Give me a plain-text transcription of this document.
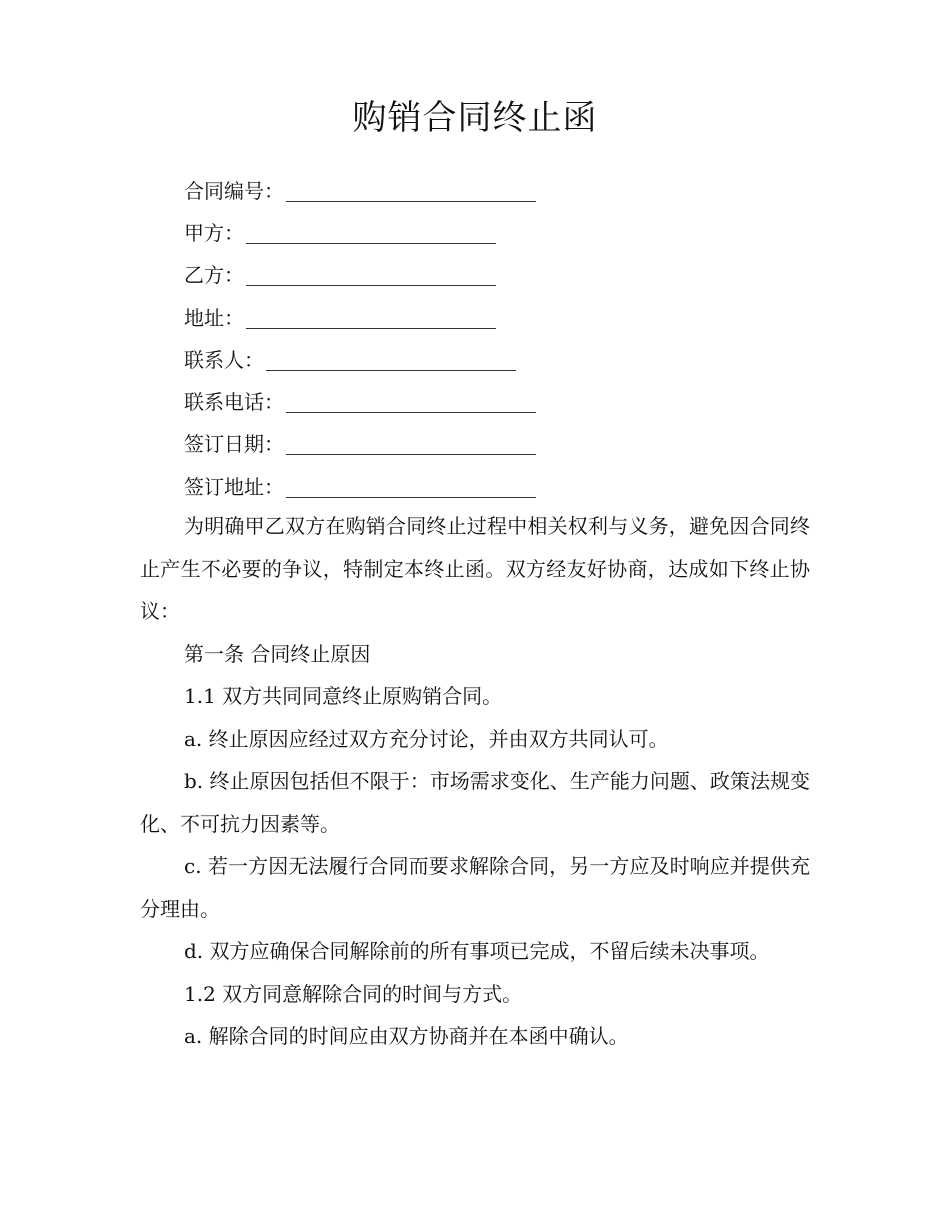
购销合同终止函
合同编号：
甲方：
乙方：
地址：
联系人：
联系电话：
签订日期：
签订地址：

为明确甲乙双方在购销合同终止过程中相关权利与义务，避免因合同终止产生不必要的争议，特制定本终止函。双方经友好协商，达成如下终止协议：

第一条 合同终止原因

1.1 双方共同同意终止原购销合同。

a. 终止原因应经过双方充分讨论，并由双方共同认可。

b. 终止原因包括但不限于：市场需求变化、生产能力问题、政策法规变化、不可抗力因素等。

c. 若一方因无法履行合同而要求解除合同，另一方应及时响应并提供充分理由。

d. 双方应确保合同解除前的所有事项已完成，不留后续未决事项。

1.2 双方同意解除合同的时间与方式。

a. 解除合同的时间应由双方协商并在本函中确认。
